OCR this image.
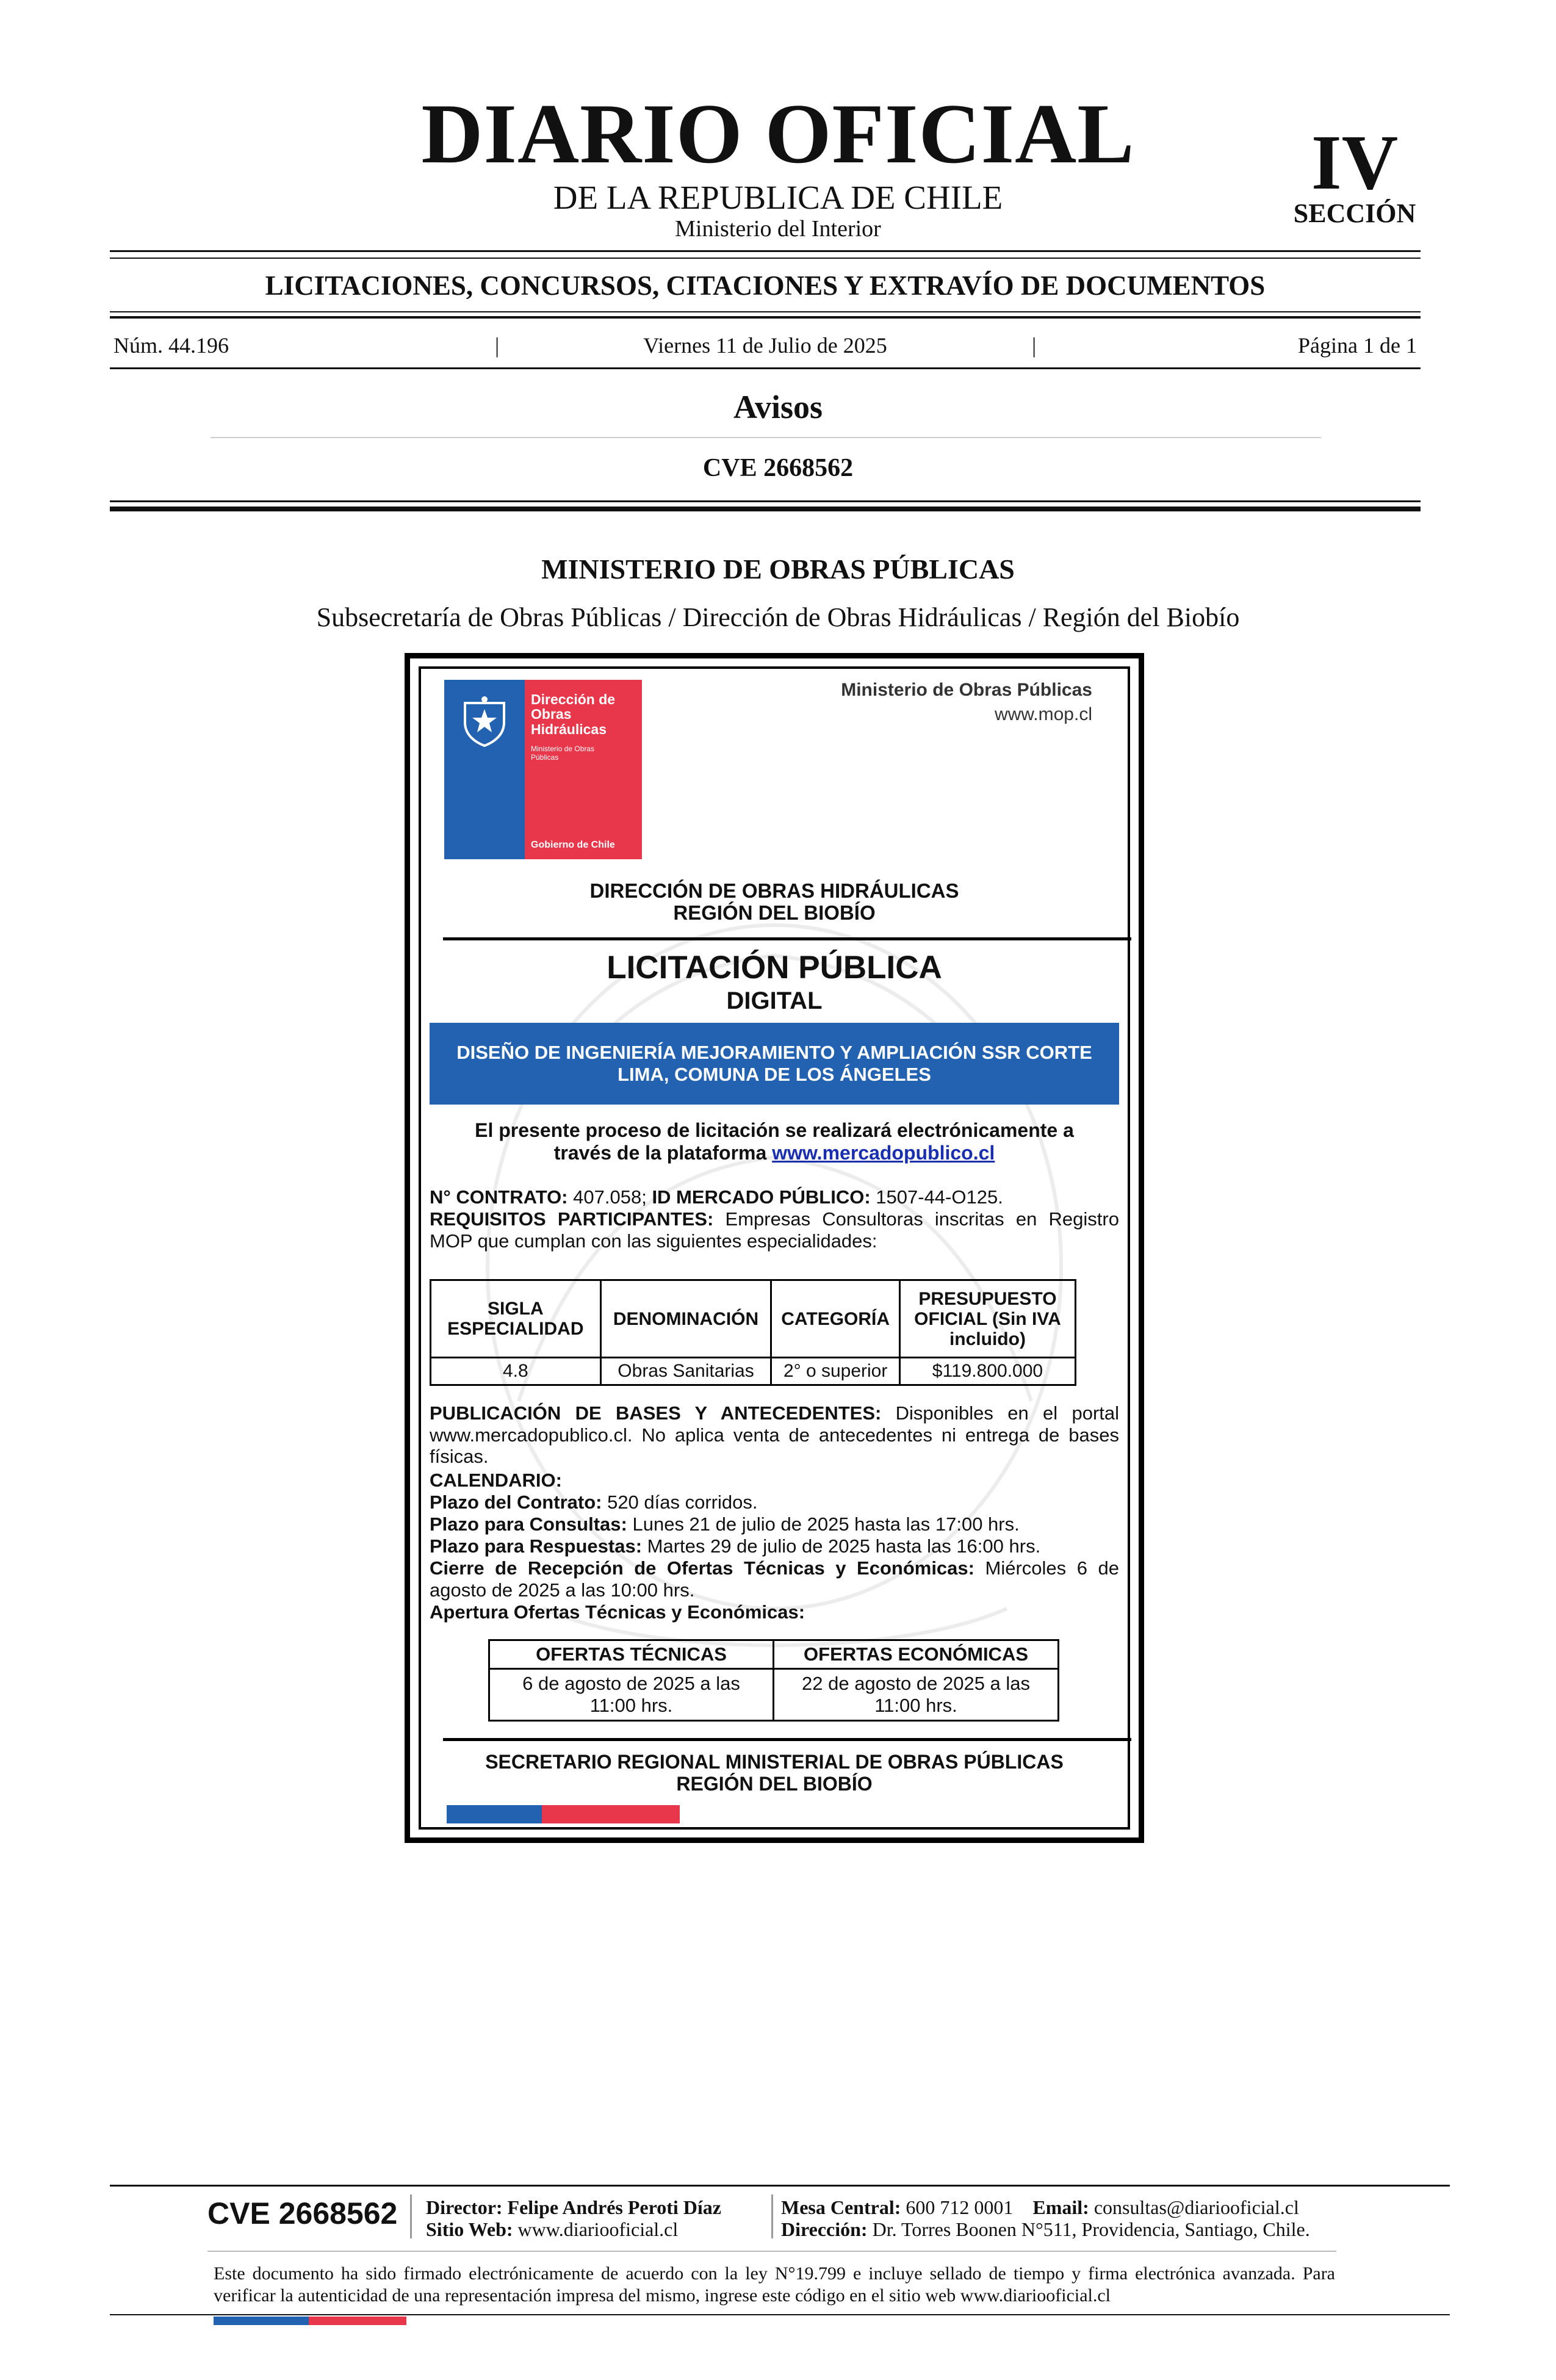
DIARIO OFICIAL
DE LA REPUBLICA DE CHILE
Ministerio del Interior
IV
SECCIÓN
LICITACIONES, CONCURSOS, CITACIONES Y EXTRAVÍO DE DOCUMENTOS
Núm. 44.196	|	Viernes 11 de Julio de 2025	|	Página 1 de 1
Avisos
CVE 2668562
MINISTERIO DE OBRAS PÚBLICAS
Subsecretaría de Obras Públicas / Dirección de Obras Hidráulicas / Región del Biobío
Dirección de
Obras
Hidráulicas
Ministerio de Obras
Públicas
Gobierno de Chile
Ministerio de Obras Públicas
www.mop.cl
DIRECCIÓN DE OBRAS HIDRÁULICAS
REGIÓN DEL BIOBÍO
LICITACIÓN PÚBLICA
DIGITAL
DISEÑO DE INGENIERÍA MEJORAMIENTO Y AMPLIACIÓN SSR CORTE
LIMA, COMUNA DE LOS ÁNGELES
El presente proceso de licitación se realizará electrónicamente a
través de la plataforma www.mercadopublico.cl
N° CONTRATO: 407.058; ID MERCADO PÚBLICO: 1507-44-O125.
REQUISITOS PARTICIPANTES: Empresas Consultoras inscritas en Registro MOP que cumplan con las siguientes especialidades:
SIGLA ESPECIALIDAD	DENOMINACIÓN	CATEGORÍA	PRESUPUESTO OFICIAL (Sin IVA incluido)
4.8	Obras Sanitarias	2° o superior	$119.800.000
PUBLICACIÓN DE BASES Y ANTECEDENTES: Disponibles en el portal www.mercadopublico.cl. No aplica venta de antecedentes ni entrega de bases físicas.
CALENDARIO:
Plazo del Contrato: 520 días corridos.
Plazo para Consultas: Lunes 21 de julio de 2025 hasta las 17:00 hrs.
Plazo para Respuestas: Martes 29 de julio de 2025 hasta las 16:00 hrs.
Cierre de Recepción de Ofertas Técnicas y Económicas: Miércoles 6 de agosto de 2025 a las 10:00 hrs.
Apertura Ofertas Técnicas y Económicas:
OFERTAS TÉCNICAS	OFERTAS ECONÓMICAS
6 de agosto de 2025 a las 11:00 hrs.	22 de agosto de 2025 a las 11:00 hrs.
SECRETARIO REGIONAL MINISTERIAL DE OBRAS PÚBLICAS
REGIÓN DEL BIOBÍO
CVE 2668562 Director: Felipe Andrés Peroti Díaz
Sitio Web: www.diariooficial.cl
Mesa Central: 600 712 0001 Email: consultas@diariooficial.cl
Dirección: Dr. Torres Boonen N°511, Providencia, Santiago, Chile.
Este documento ha sido firmado electrónicamente de acuerdo con la ley N°19.799 e incluye sellado de tiempo y firma electrónica avanzada. Para verificar la autenticidad de una representación impresa del mismo, ingrese este código en el sitio web www.diariooficial.cl
